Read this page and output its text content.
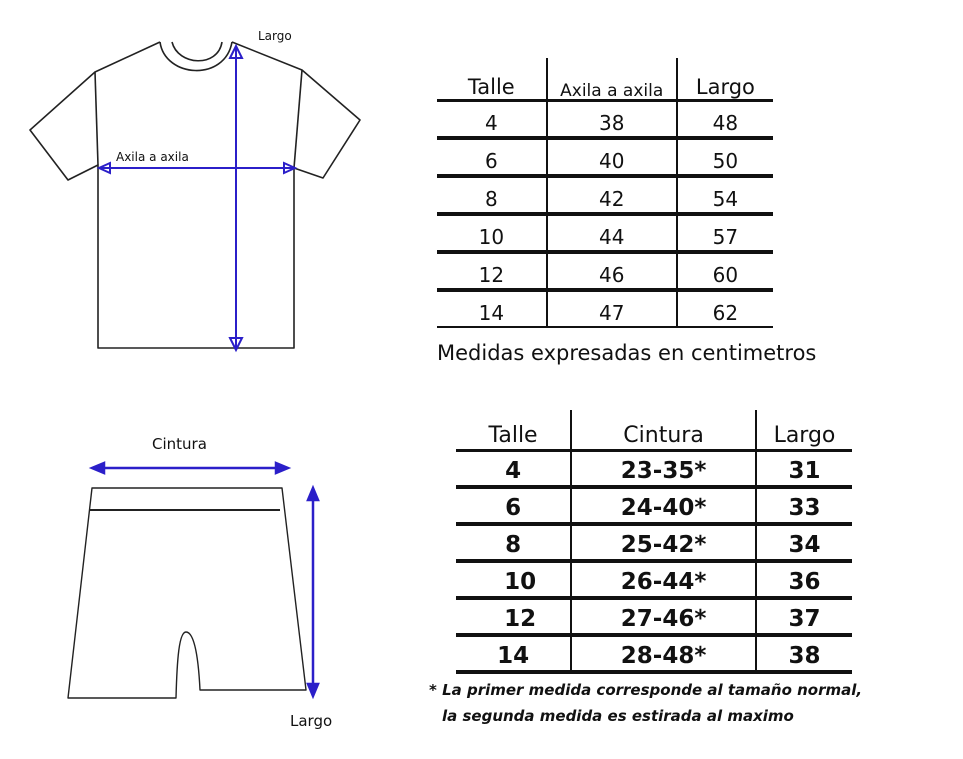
Largo
Axila a axila
Cintura
Largo
Talle	Axila a axila	Largo
4	38	48
6	40	50
8	42	54
10	44	57
12	46	60
14	47	62
Medidas expresadas en centimetros
Talle	Cintura	Largo
4	23-35*	31
6	24-40*	33
8	25-42*	34
10	26-44*	36
12	27-46*	37
14	28-48*	38
* La primer medida corresponde al tamaño normal,
la segunda medida es estirada al maximo
